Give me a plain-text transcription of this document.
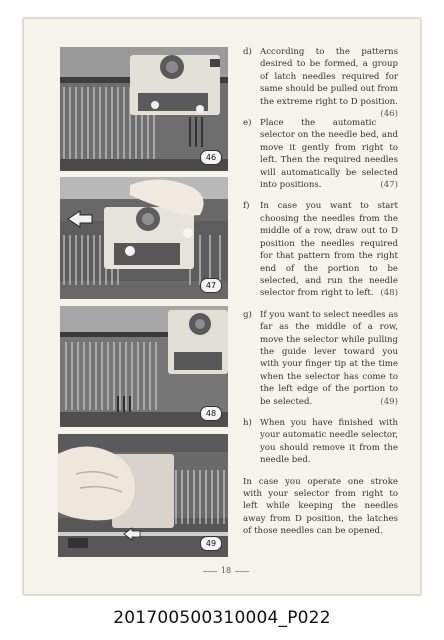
46
47
48
49
d) According to the patterns desired to be formed, a group of latch needles required for same should be pulled out from the extreme right to D position.
(46)
e) Place the automatic selector on the needle bed, and move it gently from right to left. Then the required needles will automatically be selected into positions.	(47)
f) In case you want to start choosing the needles from the middle of a row, draw out to D position the needles required for that pattern from the right end of the portion to be selected, and run the needle selector from right to left. (48)
g) If you want to select needles as far as the middle of a row, move the selector while pulling the guide lever toward you with your finger tip at the time when the selector has come to the left edge of the portion to be selected.	(49)
h) When you have finished with your automatic needle selector, you should remove it from the needle bed.
In case you operate one stroke with your selector from right to left while keeping the needles away from D position, the latches of those needles can be opened.
18
201700500310004_P022
